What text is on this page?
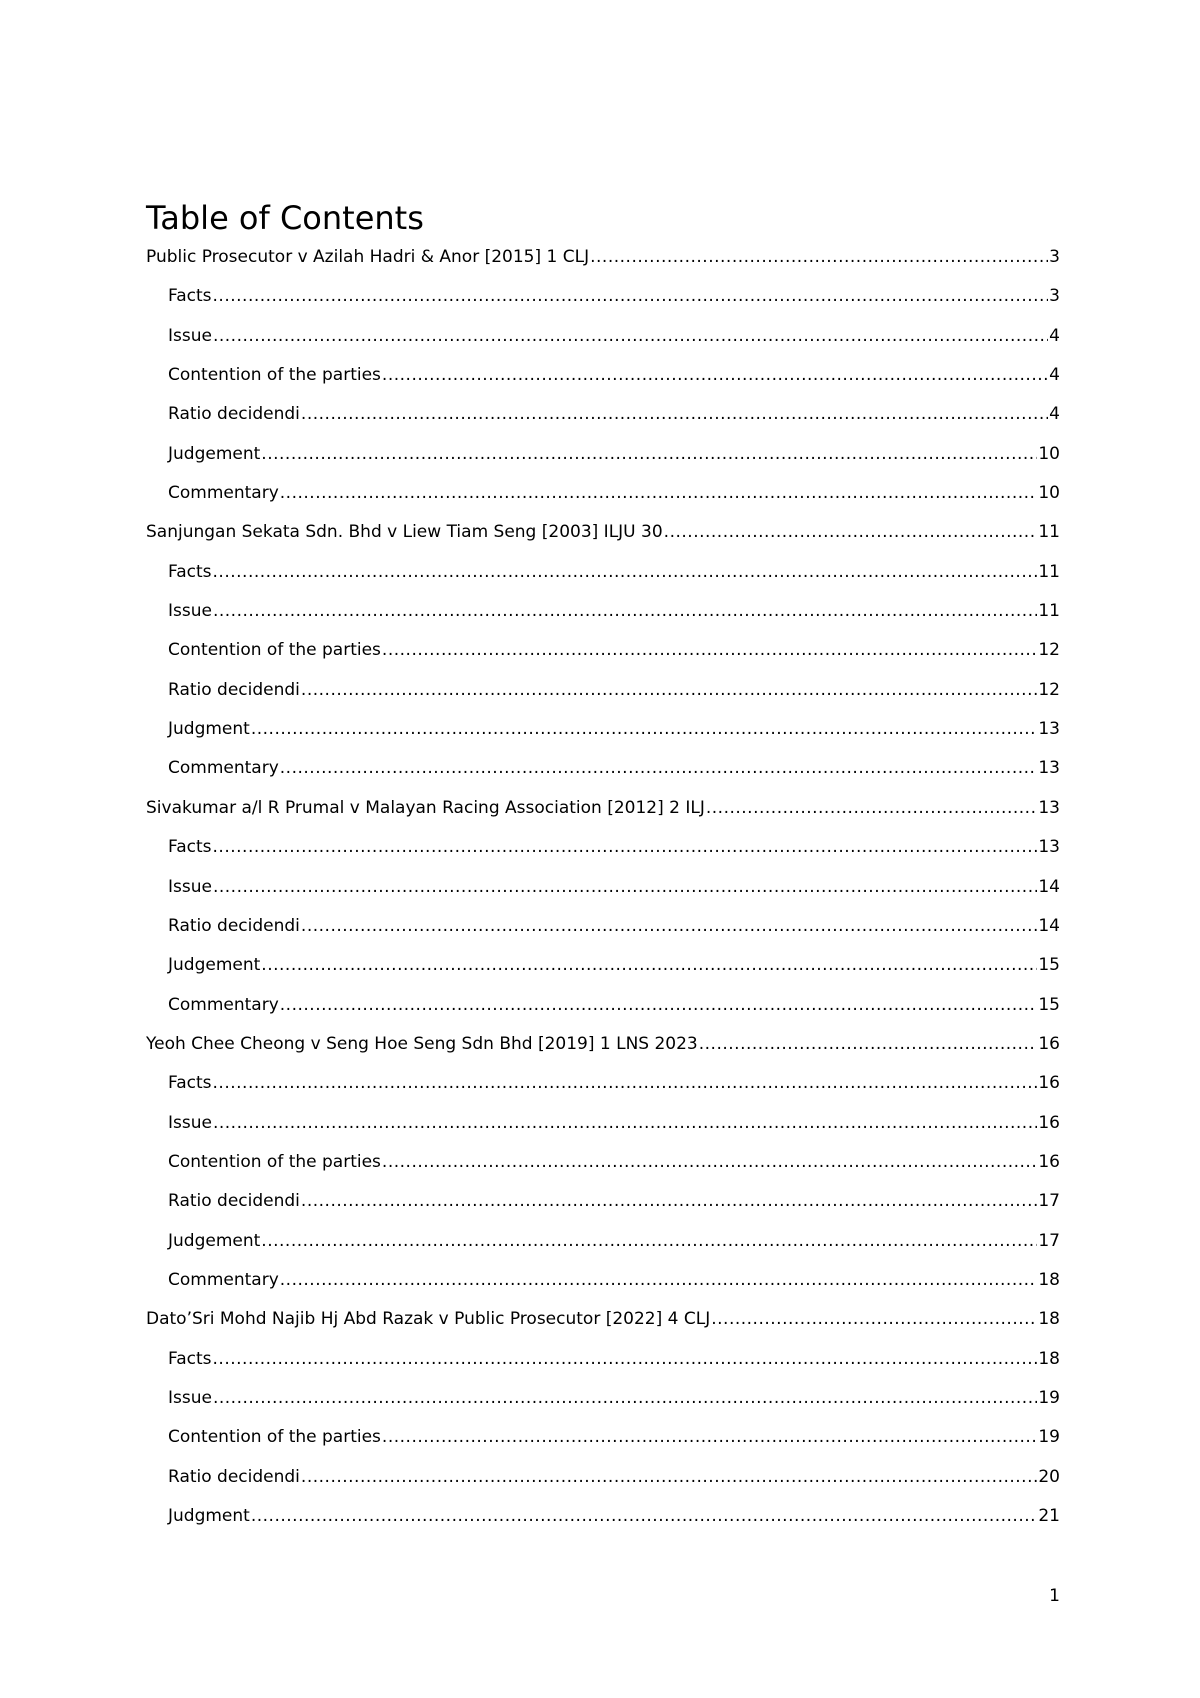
Table of Contents
Public Prosecutor v Azilah Hadri & Anor [2015] 1 CLJ .....	3
Facts .....	3
Issue .....	4
Contention of the parties .....	4
Ratio decidendi .....	4
Judgement .....	10
Commentary .....	10
Sanjungan Sekata Sdn. Bhd v Liew Tiam Seng [2003] ILJU 30 .....	11
Facts .....	11
Issue .....	11
Contention of the parties .....	12
Ratio decidendi .....	12
Judgment .....	13
Commentary .....	13
Sivakumar a/l R Prumal v Malayan Racing Association [2012] 2 ILJ .....	13
Facts .....	13
Issue .....	14
Ratio decidendi .....	14
Judgement .....	15
Commentary .....	15
Yeoh Chee Cheong v Seng Hoe Seng Sdn Bhd [2019] 1 LNS 2023 .....	16
Facts .....	16
Issue .....	16
Contention of the parties .....	16
Ratio decidendi .....	17
Judgement .....	17
Commentary .....	18
Dato’Sri Mohd Najib Hj Abd Razak v Public Prosecutor [2022] 4 CLJ .....	18
Facts .....	18
Issue .....	19
Contention of the parties .....	19
Ratio decidendi .....	20
Judgment .....	21
1
